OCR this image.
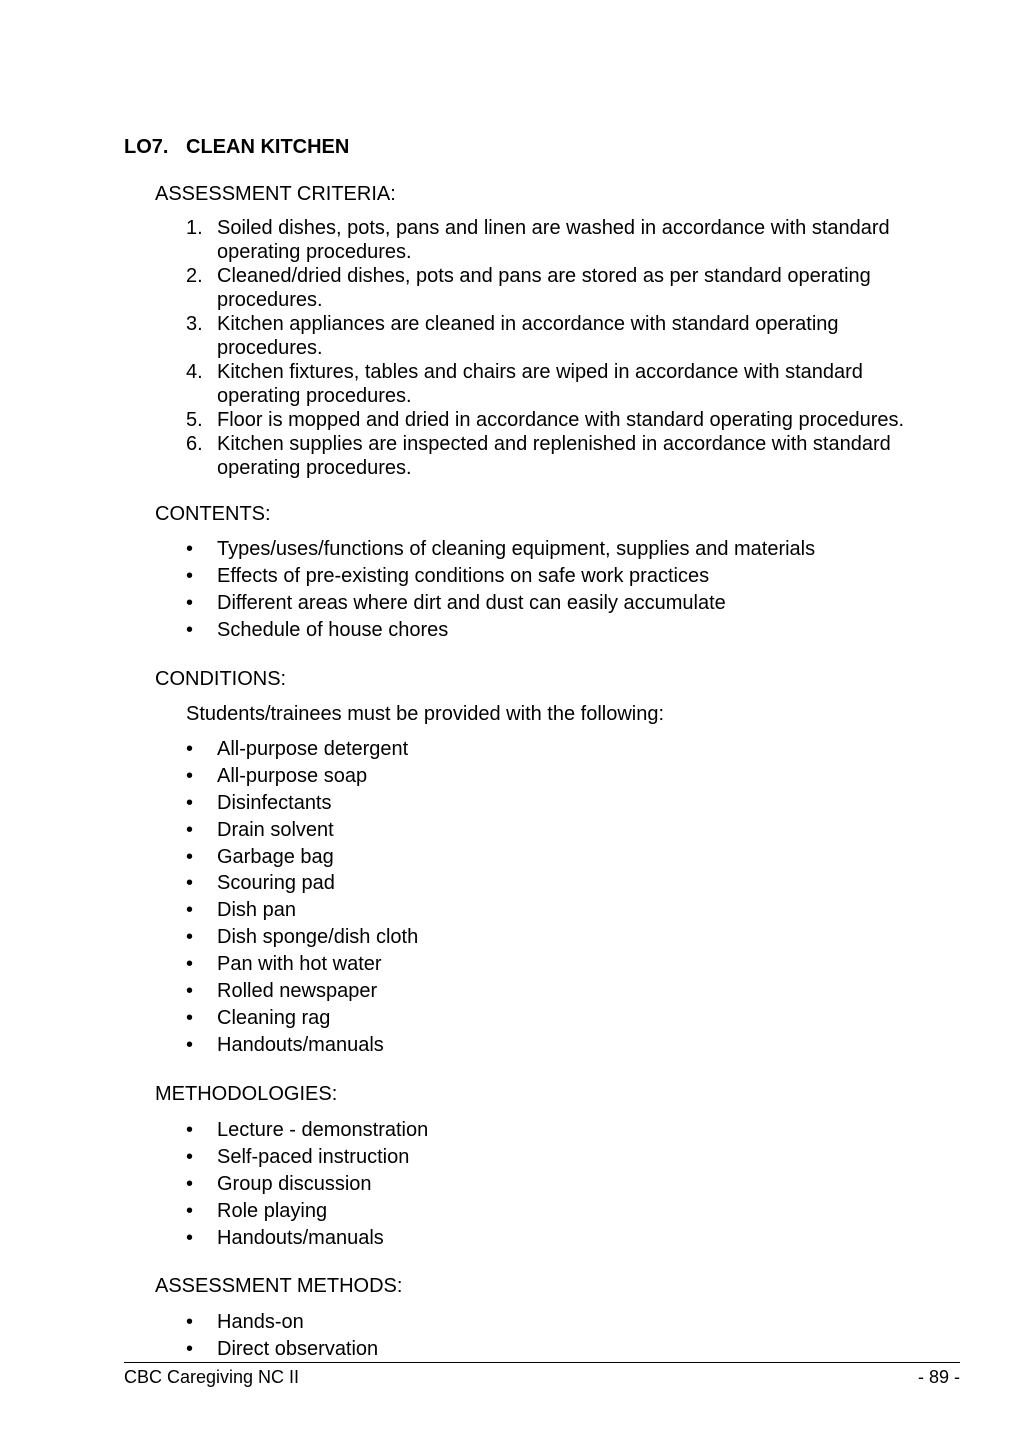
LO7. CLEAN KITCHEN
ASSESSMENT CRITERIA:
1. Soiled dishes, pots, pans and linen are washed in accordance with standard operating procedures.
2. Cleaned/dried dishes, pots and pans are stored as per standard operating procedures.
3. Kitchen appliances are cleaned in accordance with standard operating procedures.
4. Kitchen fixtures, tables and chairs are wiped in accordance with standard operating procedures.
5. Floor is mopped and dried in accordance with standard operating procedures.
6. Kitchen supplies are inspected and replenished in accordance with standard operating procedures.
CONTENTS:
• Types/uses/functions of cleaning equipment, supplies and materials
• Effects of pre-existing conditions on safe work practices
• Different areas where dirt and dust can easily accumulate
• Schedule of house chores
CONDITIONS:
Students/trainees must be provided with the following:
• All-purpose detergent
• All-purpose soap
• Disinfectants
• Drain solvent
• Garbage bag
• Scouring pad
• Dish pan
• Dish sponge/dish cloth
• Pan with hot water
• Rolled newspaper
• Cleaning rag
• Handouts/manuals
METHODOLOGIES:
• Lecture - demonstration
• Self-paced instruction
• Group discussion
• Role playing
• Handouts/manuals
ASSESSMENT METHODS:
• Hands-on
• Direct observation
CBC Caregiving NC II	- 89 -
